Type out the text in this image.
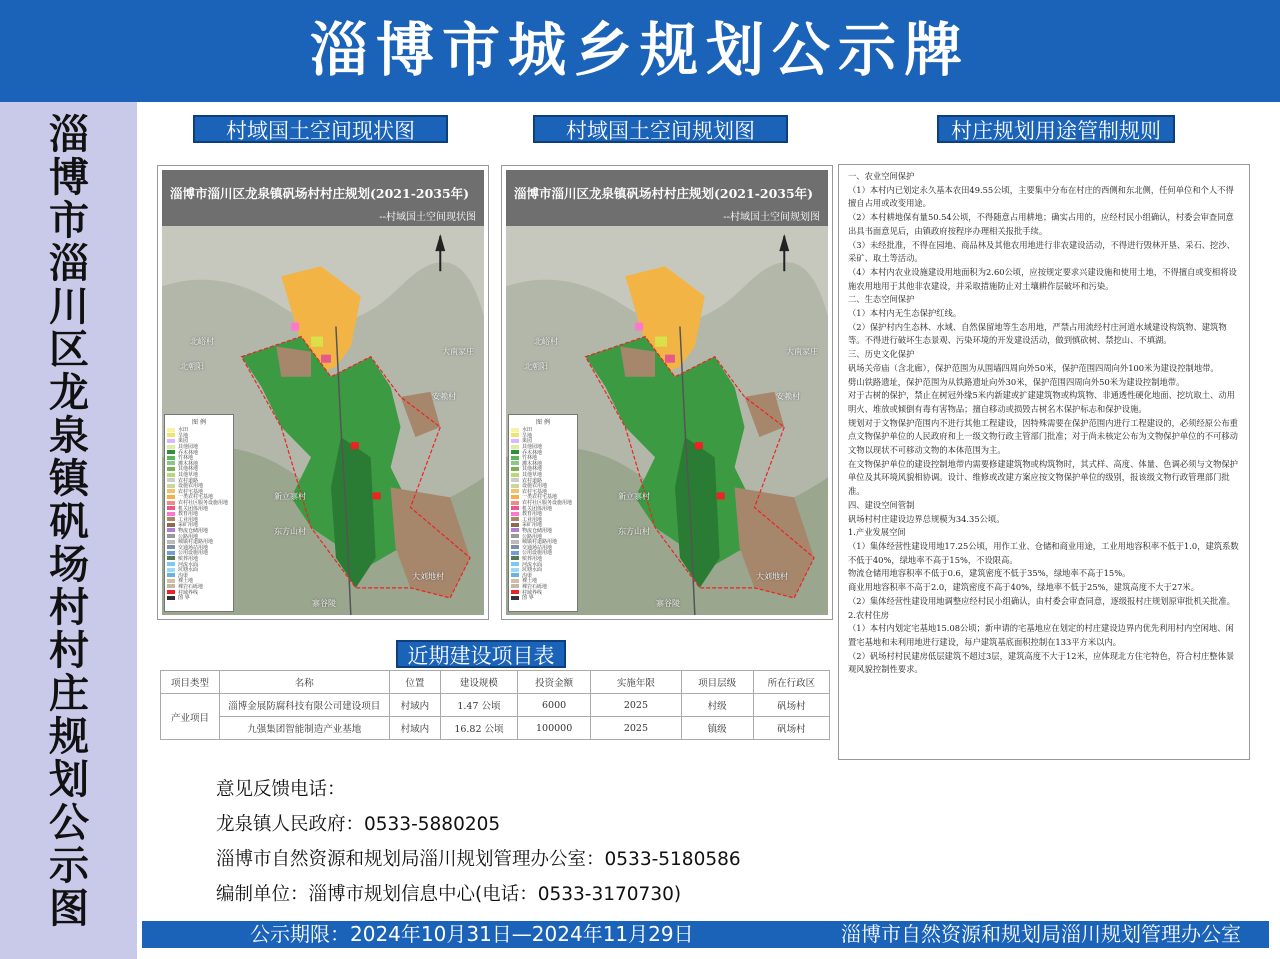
淄博市城乡规划公示牌
淄博市淄川区龙泉镇矾场村村庄规划公示图
村域国土空间现状图	村域国土空间规划图	村庄规划用途管制规则
淄博市淄川区龙泉镇矾场村村庄规划(2021-2035年)
--村域国土空间现状图
图 例
水田
旱地
果园
其他园地
乔木林地
竹林地
灌木林地
其他林地
其他草地
农村道路
设施农用地
农村宅基地
一类农村宅基地
农村社区服务设施用地
机关团体用地
教育用地
工业用地
采矿用地
物流仓储用地
公路用地
城镇村道路用地
交通场站用地
公用设施用地
殡葬用地
河流水面
坑塘水面
沟渠
裸土地
裸岩石砾地
村域界线
图 界
北峪村
北朝阳
新立寨村
东方山村
寨谷陵
大南家庄
安赖村
大刘地村
淄博市淄川区龙泉镇矾场村村庄规划(2021-2035年)
--村域国土空间规划图
图 例
水田
旱地
果园
其他园地
乔木林地
竹林地
灌木林地
其他林地
其他草地
农村道路
设施农用地
农村宅基地
一类农村宅基地
农村社区服务设施用地
机关团体用地
教育用地
工业用地
采矿用地
物流仓储用地
公路用地
城镇村道路用地
交通场站用地
公用设施用地
殡葬用地
河流水面
坑塘水面
沟渠
裸土地
裸岩石砾地
村域界线
图 界
北峪村
北朝阳
新立寨村
东方山村
寨谷陵
大南家庄
安赖村
大刘地村

一、农业空间保护

（1）本村内已划定永久基本农田49.55公顷，主要集中分布在村庄的西侧和东北侧，任何单位和个人不得擅自占用或改变用途。

（2）本村耕地保有量50.54公顷，不得随意占用耕地；确实占用的，应经村民小组确认，村委会审查同意出具书面意见后，由镇政府按程序办理相关报批手续。

（3）未经批准，不得在园地、商品林及其他农用地进行非农建设活动，不得进行毁林开垦、采石、挖沙、采矿、取土等活动。

（4）本村内农业设施建设用地面积为2.60公顷，应按规定要求兴建设施和使用土地，不得擅自或变相将设施农用地用于其他非农建设，并采取措施防止对土壤耕作层破坏和污染。

二、生态空间保护

（1）本村内无生态保护红线。

（2）保护村内生态林、水域、自然保留地等生态用地，严禁占用流经村庄河道水域建设构筑物、建筑物等。不得进行破坏生态景观、污染环境的开发建设活动，做到慎砍树、禁挖山、不填湖。

三、历史文化保护

矾场关帝庙（含北廊），保护范围为从围墙四周向外50米，保护范围四周向外100米为建设控制地带。

劈山铁路遗址，保护范围为从铁路遗址向外30米，保护范围四周向外50米为建设控制地带。

对于古树的保护，禁止在树冠外缘5米内新建或扩建建筑物或构筑物、非通透性硬化地面、挖坑取土、动用明火、堆放或倾倒有毒有害物品；擅自移动或损毁古树名木保护标志和保护设施。

规划对于文物保护范围内不进行其他工程建设，因特殊需要在保护范围内进行工程建设的，必须经原公布重点文物保护单位的人民政府和上一级文物行政主管部门批准；对于尚未核定公布为文物保护单位的不可移动文物以现状不可移动文物的本体范围为主。

在文物保护单位的建设控制地带内需要修建建筑物或构筑物时，其式样、高度、体量、色调必须与文物保护单位及其环境风貌相协调。设计、维修或改建方案应按文物保护单位的级别，报该级文物行政管理部门批准。

四、建设空间管制

矾场村村庄建设边界总规模为34.35公顷。

1.产业发展空间

（1）集体经营性建设用地17.25公顷，用作工业、仓储和商业用途，工业用地容积率不低于1.0，建筑系数不低于40%，绿地率不高于15%，不设限高。

物流仓储用地容积率不低于0.6，建筑密度不低于35%，绿地率不高于15%。

商业用地容积率不高于2.0，建筑密度不高于40%，绿地率不低于25%，建筑高度不大于27米。

（2）集体经营性建设用地调整应经村民小组确认，由村委会审查同意，逐级报村庄规划原审批机关批准。

2.农村住房

（1）本村内划定宅基地15.08公顷；新申请的宅基地应在划定的村庄建设边界内优先利用村内空闲地、闲置宅基地和未利用地进行建设，每户建筑基底面积控制在133平方米以内。

（2）矾场村村民建房低层建筑不超过3层，建筑高度不大于12米，应体现北方住宅特色，符合村庄整体景观风貌控制性要求。

近期建设项目表
项目类型	名称	位置	建设规模	投资金额	实施年限	项目层级	所在行政区
产业项目	淄博金展防腐科技有限公司建设项目	村域内	1.47 公顷	6000	2025	村级	矾场村
	九强集团智能制造产业基地	村域内	16.82 公顷	100000	2025	镇级	矾场村
意见反馈电话：
龙泉镇人民政府：0533-5880205
淄博市自然资源和规划局淄川规划管理办公室：0533-5180586
编制单位：淄博市规划信息中心(电话：0533-3170730)
公示期限：2024年10月31日—2024年11月29日	淄博市自然资源和规划局淄川规划管理办公室
